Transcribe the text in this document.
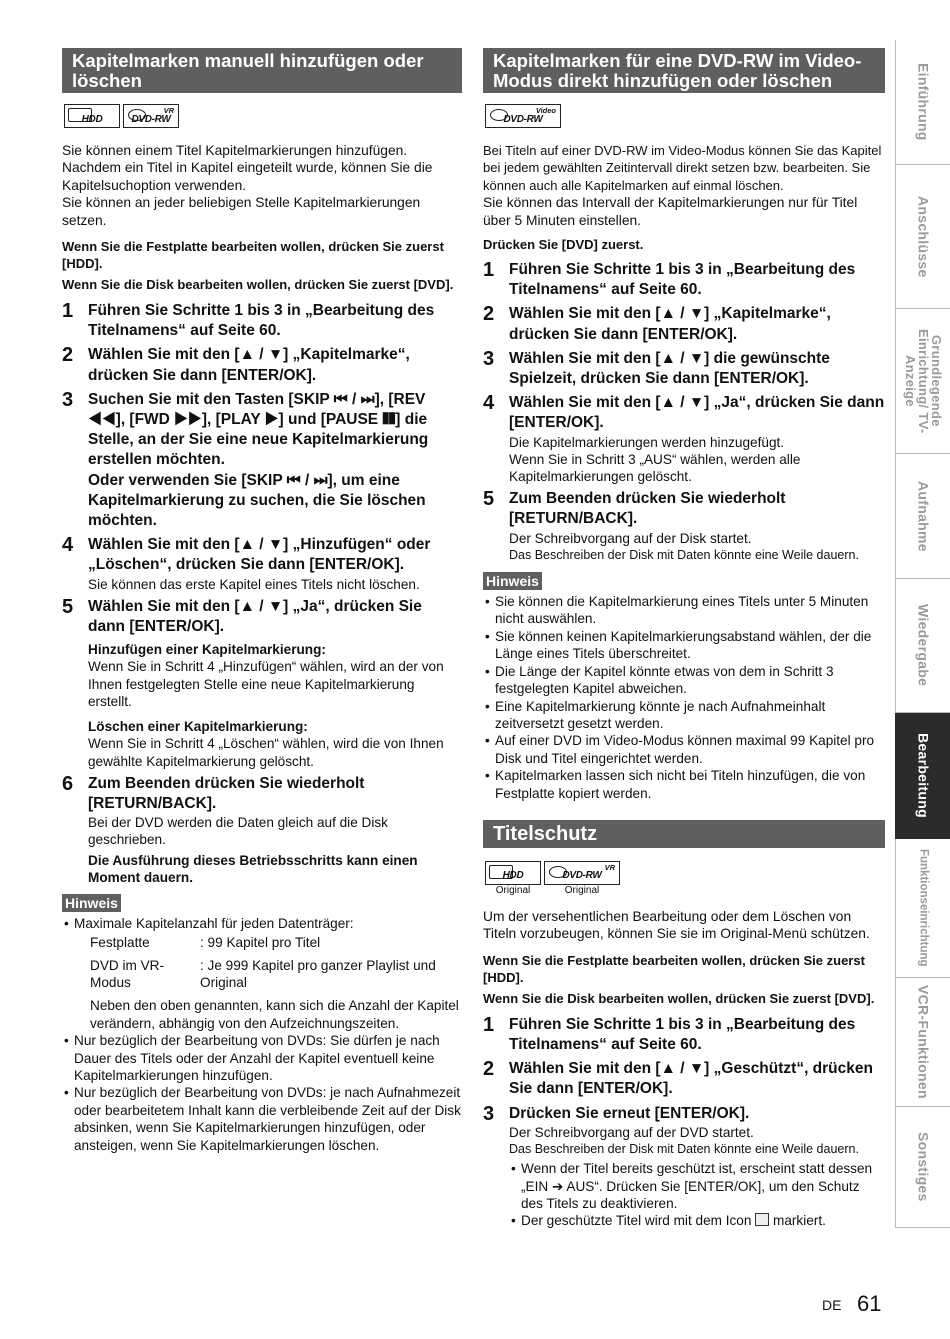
Kapitelmarken manuell hinzufügen oder löschen
HDD
VR
DVD-RW

Sie können einem Titel Kapitelmarkierungen hinzufügen. Nachdem ein Titel in Kapitel eingeteilt wurde, können Sie die Kapitelsuchoption verwenden.

Sie können an jeder beliebigen Stelle Kapitelmarkierungen setzen.

Wenn Sie die Festplatte bearbeiten wollen, drücken Sie zuerst [HDD].

Wenn Sie die Disk bearbeiten wollen, drücken Sie zuerst [DVD].

1 Führen Sie Schritte 1 bis 3 in „Bearbeitung des Titelnamens“ auf Seite 60.
2 Wählen Sie mit den [▲ / ▼] „Kapitelmarke“, drücken Sie dann [ENTER/OK].
3 Suchen Sie mit den Tasten [SKIP ⏮ / ⏭], [REV ◀◀], [FWD ▶▶], [PLAY ▶] und [PAUSE ❚❚] die Stelle, an der Sie eine neue Kapitelmarkierung erstellen möchten.
Oder verwenden Sie [SKIP ⏮ / ⏭], um eine Kapitelmarkierung zu suchen, die Sie löschen möchten.
4 Wählen Sie mit den [▲ / ▼] „Hinzufügen“ oder „Löschen“, drücken Sie dann [ENTER/OK].

Sie können das erste Kapitel eines Titels nicht löschen.

5 Wählen Sie mit den [▲ / ▼] „Ja“, drücken Sie dann [ENTER/OK].

Hinzufügen einer Kapitelmarkierung:

Wenn Sie in Schritt 4 „Hinzufügen“ wählen, wird an der von Ihnen festgelegten Stelle eine neue Kapitelmarkierung erstellt.

Löschen einer Kapitelmarkierung:

Wenn Sie in Schritt 4 „Löschen“ wählen, wird die von Ihnen gewählte Kapitelmarkierung gelöscht.

6 Zum Beenden drücken Sie wiederholt [RETURN/BACK].

Bei der DVD werden die Daten gleich auf die Disk geschrieben.

Die Ausführung dieses Betriebsschritts kann einen Moment dauern.

Hinweis
• Maximale Kapitelanzahl für jeden Datenträger:
Festplatte	: 99 Kapitel pro Titel
DVD im VR-Modus
: Je 999 Kapitel pro ganzer Playlist und Original
Neben den oben genannten, kann sich die Anzahl der Kapitel verändern, abhängig von den Aufzeichnungszeiten.
• Nur bezüglich der Bearbeitung von DVDs: Sie dürfen je nach Dauer des Titels oder der Anzahl der Kapitel eventuell keine Kapitelmarkierungen hinzufügen.
• Nur bezüglich der Bearbeitung von DVDs: je nach Aufnahmezeit oder bearbeitetem Inhalt kann die verbleibende Zeit auf der Disk absinken, wenn Sie Kapitelmarkierungen hinzufügen, oder ansteigen, wenn Sie Kapitelmarkierungen löschen.
Kapitelmarken für eine DVD-RW im Video-Modus direkt hinzufügen oder löschen
Video
DVD-RW

Bei Titeln auf einer DVD-RW im Video-Modus können Sie das Kapitel bei jedem gewählten Zeitintervall direkt setzen bzw. bearbeiten. Sie können auch alle Kapitelmarken auf einmal löschen.

Sie können das Intervall der Kapitelmarkierungen nur für Titel über 5 Minuten einstellen.

Drücken Sie [DVD] zuerst.

1 Führen Sie Schritte 1 bis 3 in „Bearbeitung des Titelnamens“ auf Seite 60.
2 Wählen Sie mit den [▲ / ▼] „Kapitelmarke“, drücken Sie dann [ENTER/OK].
3 Wählen Sie mit den [▲ / ▼] die gewünschte Spielzeit, drücken Sie dann [ENTER/OK].
4 Wählen Sie mit den [▲ / ▼] „Ja“, drücken Sie dann [ENTER/OK].

Die Kapitelmarkierungen werden hinzugefügt.

Wenn Sie in Schritt 3 „AUS“ wählen, werden alle Kapitelmarkierungen gelöscht.

5 Zum Beenden drücken Sie wiederholt [RETURN/BACK].

Der Schreibvorgang auf der Disk startet.

Das Beschreiben der Disk mit Daten könnte eine Weile dauern.

Hinweis
• Sie können die Kapitelmarkierung eines Titels unter 5 Minuten nicht auswählen.
• Sie können keinen Kapitelmarkierungsabstand wählen, der die Länge eines Titels überschreitet.
• Die Länge der Kapitel könnte etwas von dem in Schritt 3 festgelegten Kapitel abweichen.
• Eine Kapitelmarkierung könnte je nach Aufnahmeinhalt zeitversetzt gesetzt werden.
• Auf einer DVD im Video-Modus können maximal 99 Kapitel pro Disk und Titel eingerichtet werden.
• Kapitelmarken lassen sich nicht bei Titeln hinzufügen, die von Festplatte kopiert werden.
Titelschutz
HDD
Original
VR
DVD-RW
Original

Um der versehentlichen Bearbeitung oder dem Löschen von Titeln vorzubeugen, können Sie sie im Original-Menü schützen.

Wenn Sie die Festplatte bearbeiten wollen, drücken Sie zuerst [HDD].

Wenn Sie die Disk bearbeiten wollen, drücken Sie zuerst [DVD].

1 Führen Sie Schritte 1 bis 3 in „Bearbeitung des Titelnamens“ auf Seite 60.
2 Wählen Sie mit den [▲ / ▼] „Geschützt“, drücken Sie dann [ENTER/OK].
3 Drücken Sie erneut [ENTER/OK].

Der Schreibvorgang auf der DVD startet.

Das Beschreiben der Disk mit Daten könnte eine Weile dauern.

• Wenn der Titel bereits geschützt ist, erscheint statt dessen „EIN ➔ AUS“. Drücken Sie [ENTER/OK], um den Schutz des Titels zu deaktivieren.
• Der geschützte Titel wird mit dem Icon markiert.
Einführung
Anschlüsse
Grundlegende Einrichtung/ TV-Anzeige
Aufnahme
Wiedergabe
Bearbeitung
Funktionseinrichtung
VCR-Funktionen
Sonstiges
DE 61
